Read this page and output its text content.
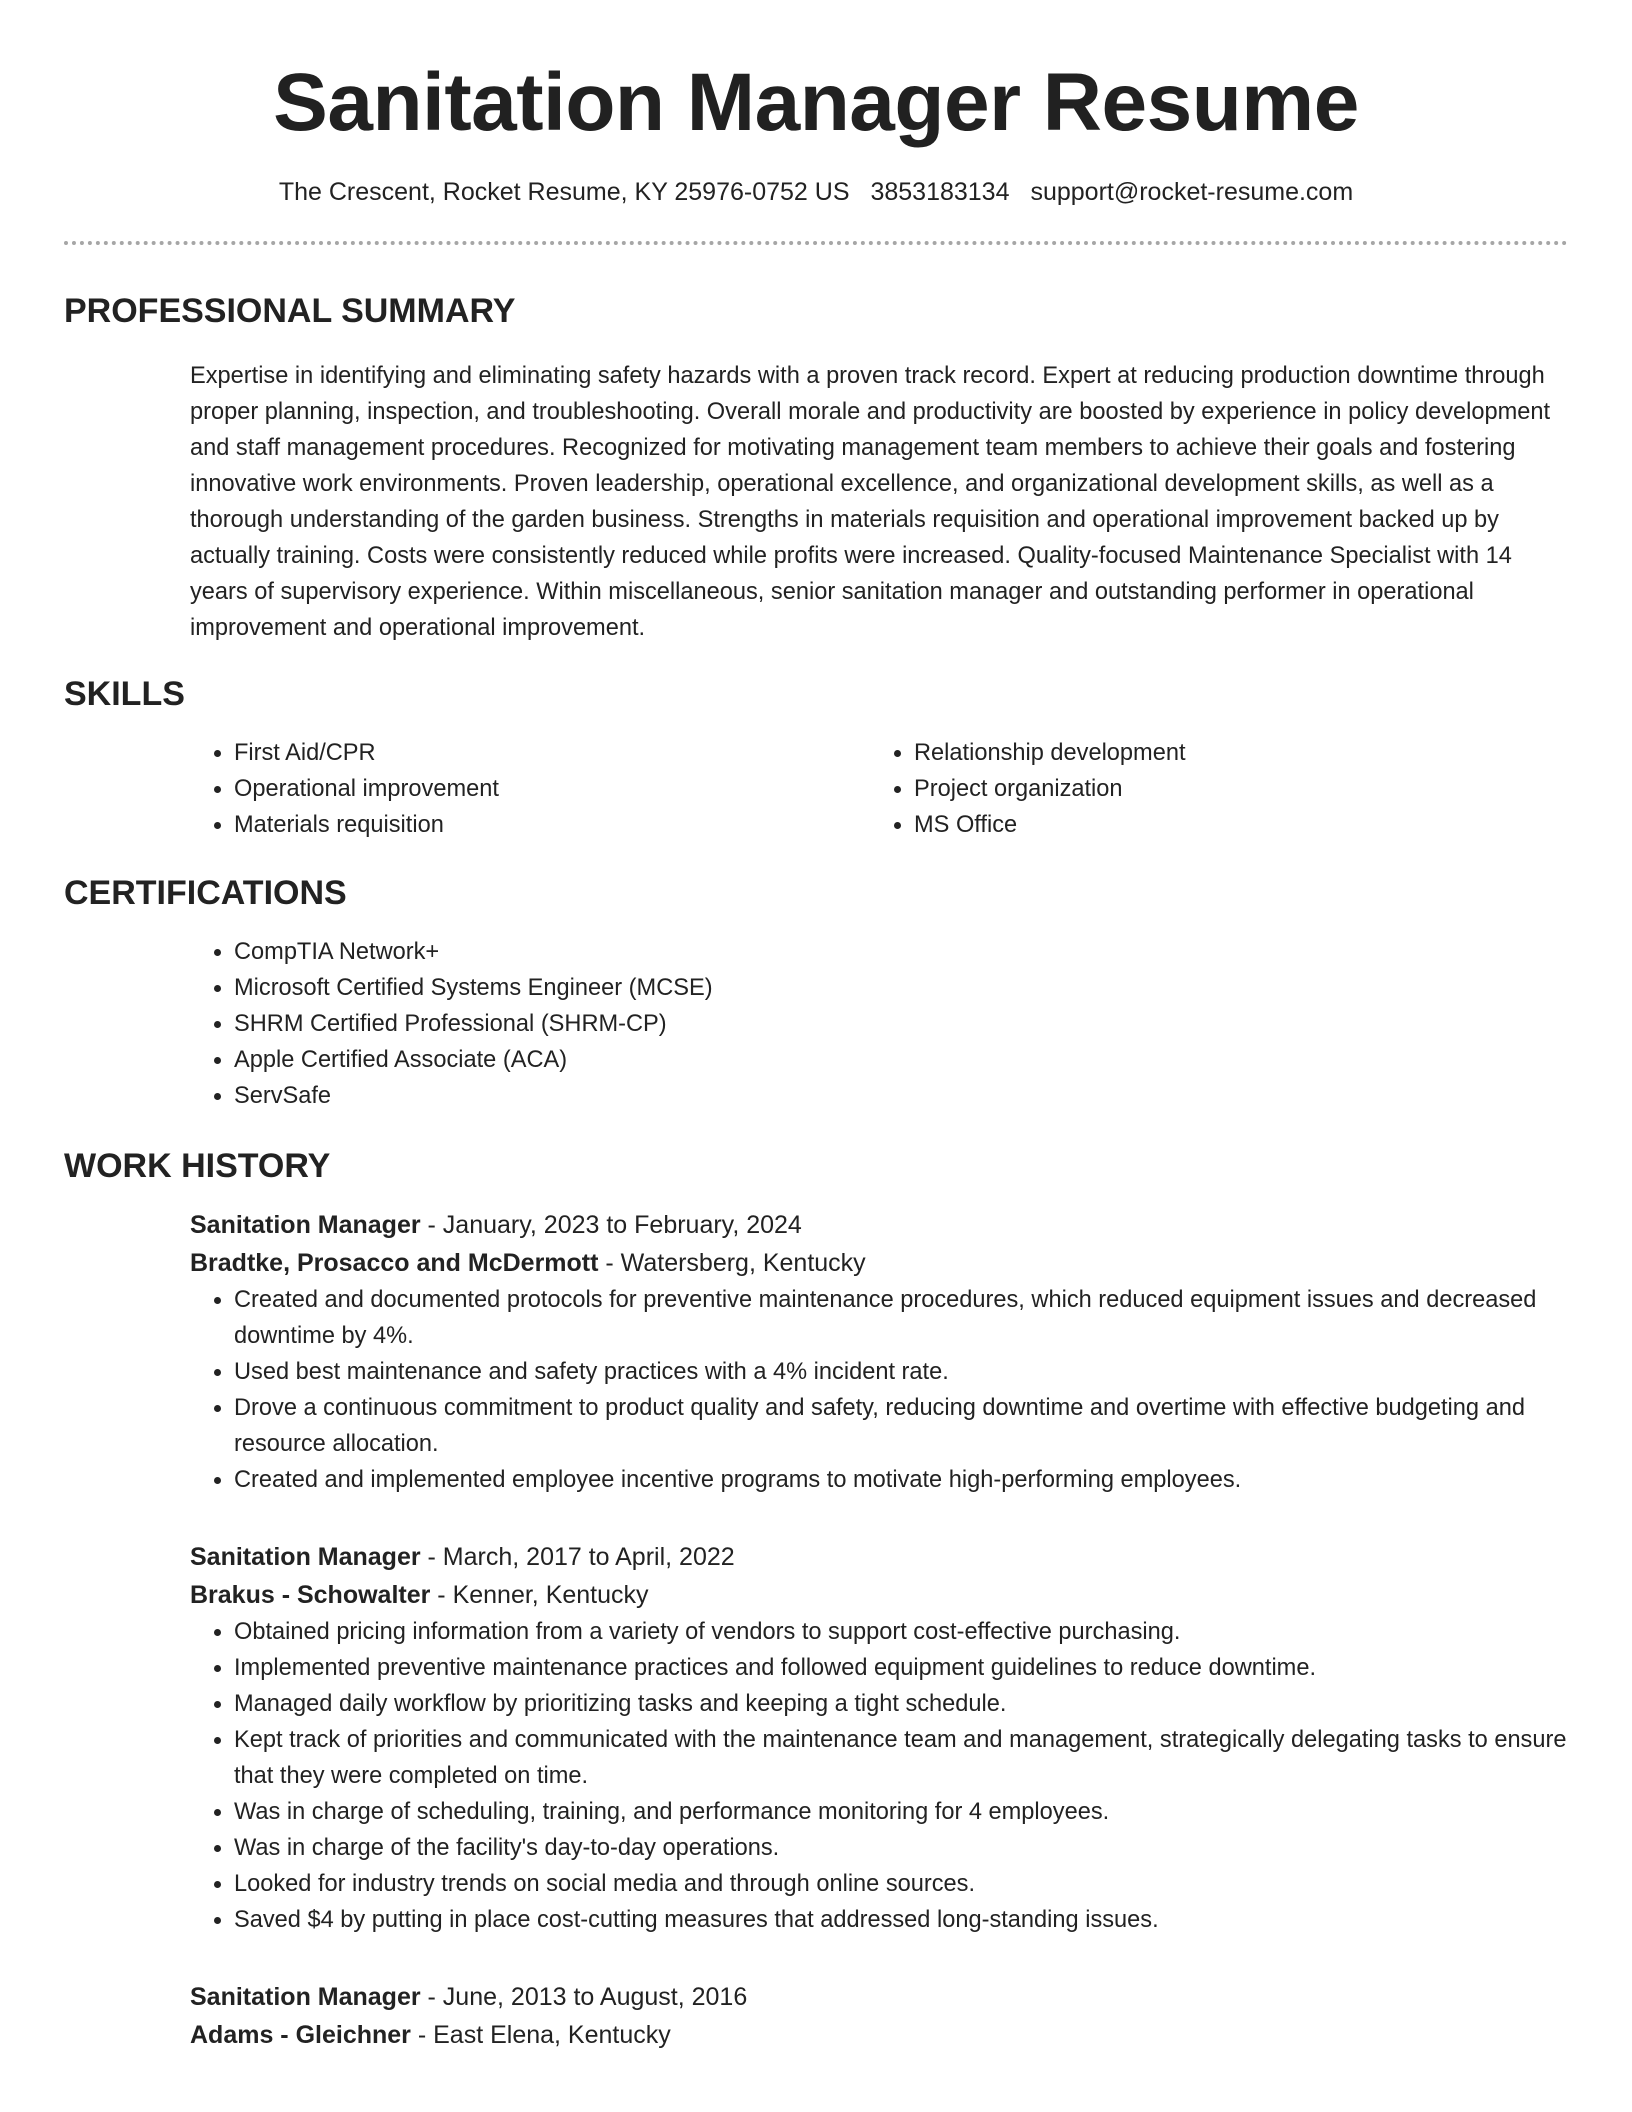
Sanitation Manager Resume
The Crescent, Rocket Resume, KY 25976-0752 US 3853183134 support@rocket-resume.com
PROFESSIONAL SUMMARY

Expertise in identifying and eliminating safety hazards with a proven track record. Expert at reducing production downtime through proper planning, inspection, and troubleshooting. Overall morale and productivity are boosted by experience in policy development and staff management procedures. Recognized for motivating management team members to achieve their goals and fostering innovative work environments. Proven leadership, operational excellence, and organizational development skills, as well as a thorough understanding of the garden business. Strengths in materials requisition and operational improvement backed up by actually training. Costs were consistently reduced while profits were increased. Quality-focused Maintenance Specialist with 14 years of supervisory experience. Within miscellaneous, senior sanitation manager and outstanding performer in operational improvement and operational improvement.

SKILLS
• First Aid/CPR
• Operational improvement
• Materials requisition
• Relationship development
• Project organization
• MS Office
CERTIFICATIONS
• CompTIA Network+
• Microsoft Certified Systems Engineer (MCSE)
• SHRM Certified Professional (SHRM-CP)
• Apple Certified Associate (ACA)
• ServSafe
WORK HISTORY
Sanitation Manager - January, 2023 to February, 2024
Bradtke, Prosacco and McDermott - Watersberg, Kentucky
• Created and documented protocols for preventive maintenance procedures, which reduced equipment issues and decreased downtime by 4%.
• Used best maintenance and safety practices with a 4% incident rate.
• Drove a continuous commitment to product quality and safety, reducing downtime and overtime with effective budgeting and resource allocation.
• Created and implemented employee incentive programs to motivate high-performing employees.
Sanitation Manager - March, 2017 to April, 2022
Brakus - Schowalter - Kenner, Kentucky
• Obtained pricing information from a variety of vendors to support cost-effective purchasing.
• Implemented preventive maintenance practices and followed equipment guidelines to reduce downtime.
• Managed daily workflow by prioritizing tasks and keeping a tight schedule.
• Kept track of priorities and communicated with the maintenance team and management, strategically delegating tasks to ensure that they were completed on time.
• Was in charge of scheduling, training, and performance monitoring for 4 employees.
• Was in charge of the facility's day-to-day operations.
• Looked for industry trends on social media and through online sources.
• Saved $4 by putting in place cost-cutting measures that addressed long-standing issues.
Sanitation Manager - June, 2013 to August, 2016
Adams - Gleichner - East Elena, Kentucky
